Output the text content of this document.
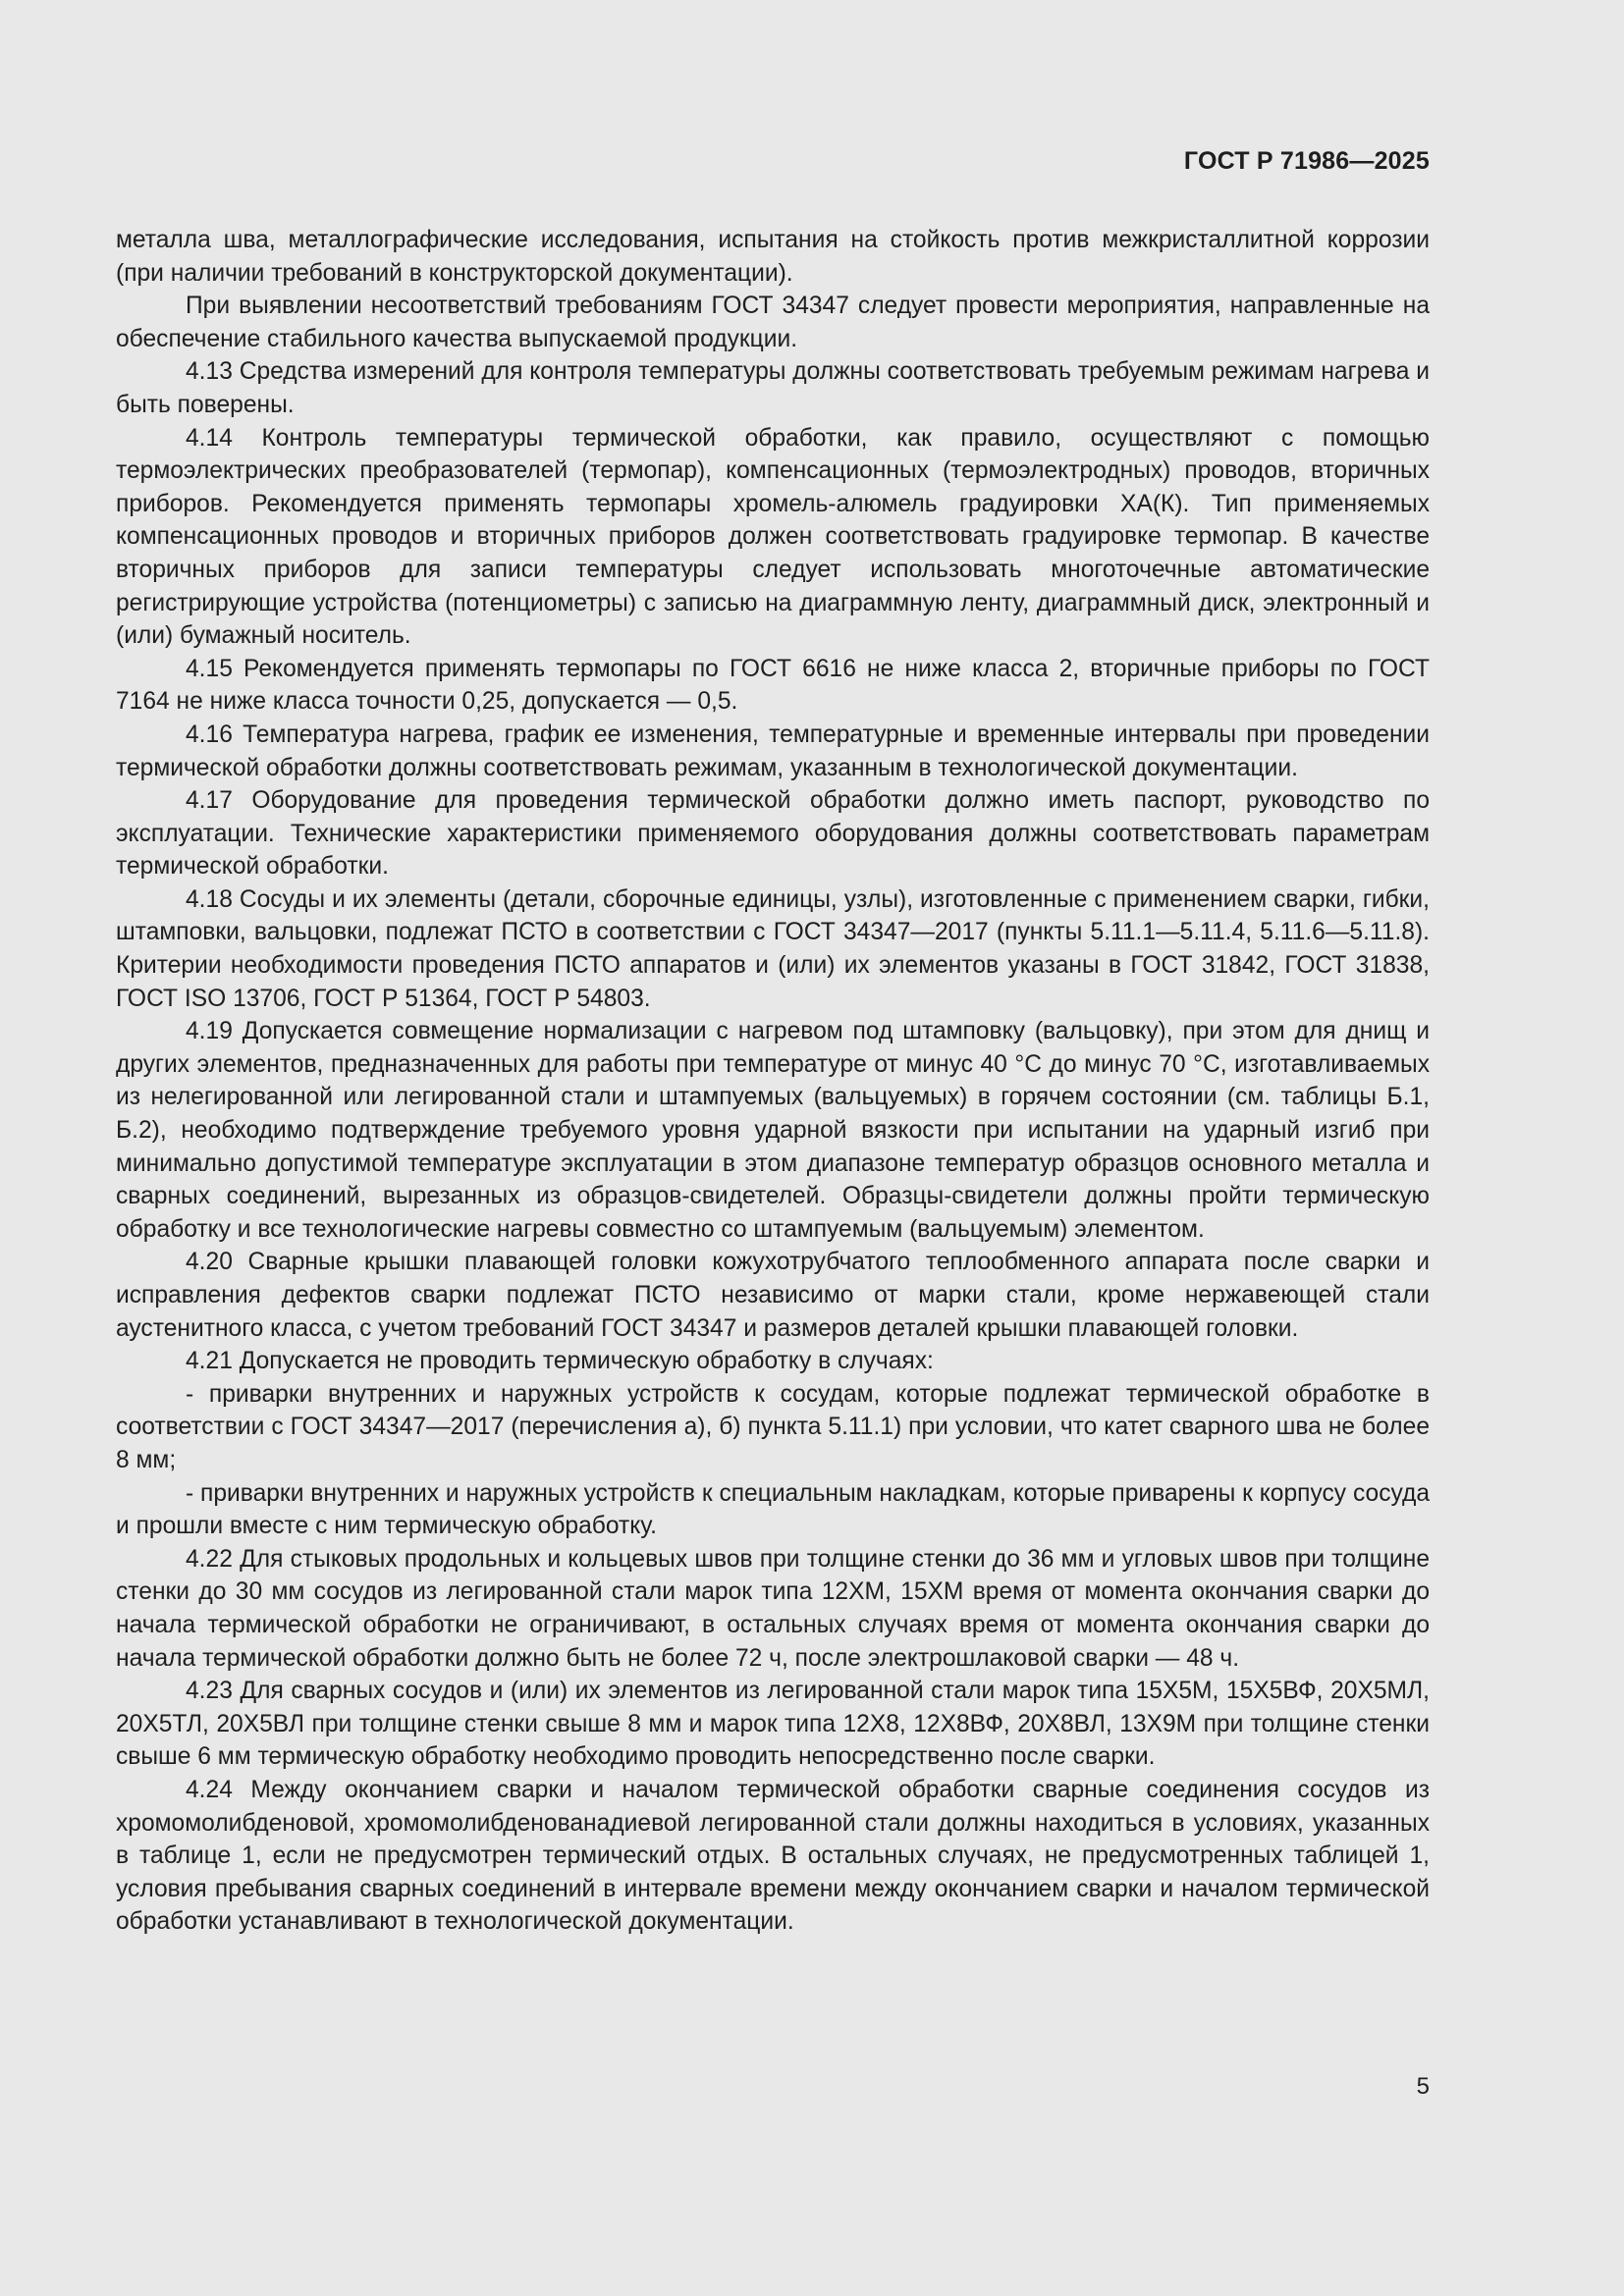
ГОСТ Р 71986—2025

металла шва, металлографические исследования, испытания на стойкость против межкристаллитной коррозии (при наличии требований в конструкторской документации).

При выявлении несоответствий требованиям ГОСТ 34347 следует провести мероприятия, направленные на обеспечение стабильного качества выпускаемой продукции.

4.13 Средства измерений для контроля температуры должны соответствовать требуемым режимам нагрева и быть поверены.

4.14 Контроль температуры термической обработки, как правило, осуществляют с помощью термоэлектрических преобразователей (термопар), компенсационных (термоэлектродных) проводов, вторичных приборов. Рекомендуется применять термопары хромель-алюмель градуировки ХА(К). Тип применяемых компенсационных проводов и вторичных приборов должен соответствовать градуировке термопар. В качестве вторичных приборов для записи температуры следует использовать многоточечные автоматические регистрирующие устройства (потенциометры) с записью на диаграммную ленту, диаграммный диск, электронный и (или) бумажный носитель.

4.15 Рекомендуется применять термопары по ГОСТ 6616 не ниже класса 2, вторичные приборы по ГОСТ 7164 не ниже класса точности 0,25, допускается — 0,5.

4.16 Температура нагрева, график ее изменения, температурные и временные интервалы при проведении термической обработки должны соответствовать режимам, указанным в технологической документации.

4.17 Оборудование для проведения термической обработки должно иметь паспорт, руководство по эксплуатации. Технические характеристики применяемого оборудования должны соответствовать параметрам термической обработки.

4.18 Сосуды и их элементы (детали, сборочные единицы, узлы), изготовленные с применением сварки, гибки, штамповки, вальцовки, подлежат ПСТО в соответствии с ГОСТ 34347—2017 (пункты 5.11.1—5.11.4, 5.11.6—5.11.8). Критерии необходимости проведения ПСТО аппаратов и (или) их элементов указаны в ГОСТ 31842, ГОСТ 31838, ГОСТ ISO 13706, ГОСТ Р 51364, ГОСТ Р 54803.

4.19 Допускается совмещение нормализации с нагревом под штамповку (вальцовку), при этом для днищ и других элементов, предназначенных для работы при температуре от минус 40 °С до минус 70 °С, изготавливаемых из нелегированной или легированной стали и штампуемых (вальцуемых) в горячем состоянии (см. таблицы Б.1, Б.2), необходимо подтверждение требуемого уровня ударной вязкости при испытании на ударный изгиб при минимально допустимой температуре эксплуатации в этом диапазоне температур образцов основного металла и сварных соединений, вырезанных из образцов-свидетелей. Образцы-свидетели должны пройти термическую обработку и все технологические нагревы совместно со штампуемым (вальцуемым) элементом.

4.20 Сварные крышки плавающей головки кожухотрубчатого теплообменного аппарата после сварки и исправления дефектов сварки подлежат ПСТО независимо от марки стали, кроме нержавеющей стали аустенитного класса, с учетом требований ГОСТ 34347 и размеров деталей крышки плавающей головки.

4.21 Допускается не проводить термическую обработку в случаях:

- приварки внутренних и наружных устройств к сосудам, которые подлежат термической обработке в соответствии с ГОСТ 34347—2017 (перечисления а), б) пункта 5.11.1) при условии, что катет сварного шва не более 8 мм;

- приварки внутренних и наружных устройств к специальным накладкам, которые приварены к корпусу сосуда и прошли вместе с ним термическую обработку.

4.22 Для стыковых продольных и кольцевых швов при толщине стенки до 36 мм и угловых швов при толщине стенки до 30 мм сосудов из легированной стали марок типа 12ХМ, 15ХМ время от момента окончания сварки до начала термической обработки не ограничивают, в остальных случаях время от момента окончания сварки до начала термической обработки должно быть не более 72 ч, после электрошлаковой сварки — 48 ч.

4.23 Для сварных сосудов и (или) их элементов из легированной стали марок типа 15Х5М, 15Х5ВФ, 20Х5МЛ, 20Х5ТЛ, 20Х5ВЛ при толщине стенки свыше 8 мм и марок типа 12Х8, 12Х8ВФ, 20Х8ВЛ, 13Х9М при толщине стенки свыше 6 мм термическую обработку необходимо проводить непосредственно после сварки.

4.24 Между окончанием сварки и началом термической обработки сварные соединения сосудов из хромомолибденовой, хромомолибденованадиевой легированной стали должны находиться в условиях, указанных в таблице 1, если не предусмотрен термический отдых. В остальных случаях, не предусмотренных таблицей 1, условия пребывания сварных соединений в интервале времени между окончанием сварки и началом термической обработки устанавливают в технологической документации.

5
